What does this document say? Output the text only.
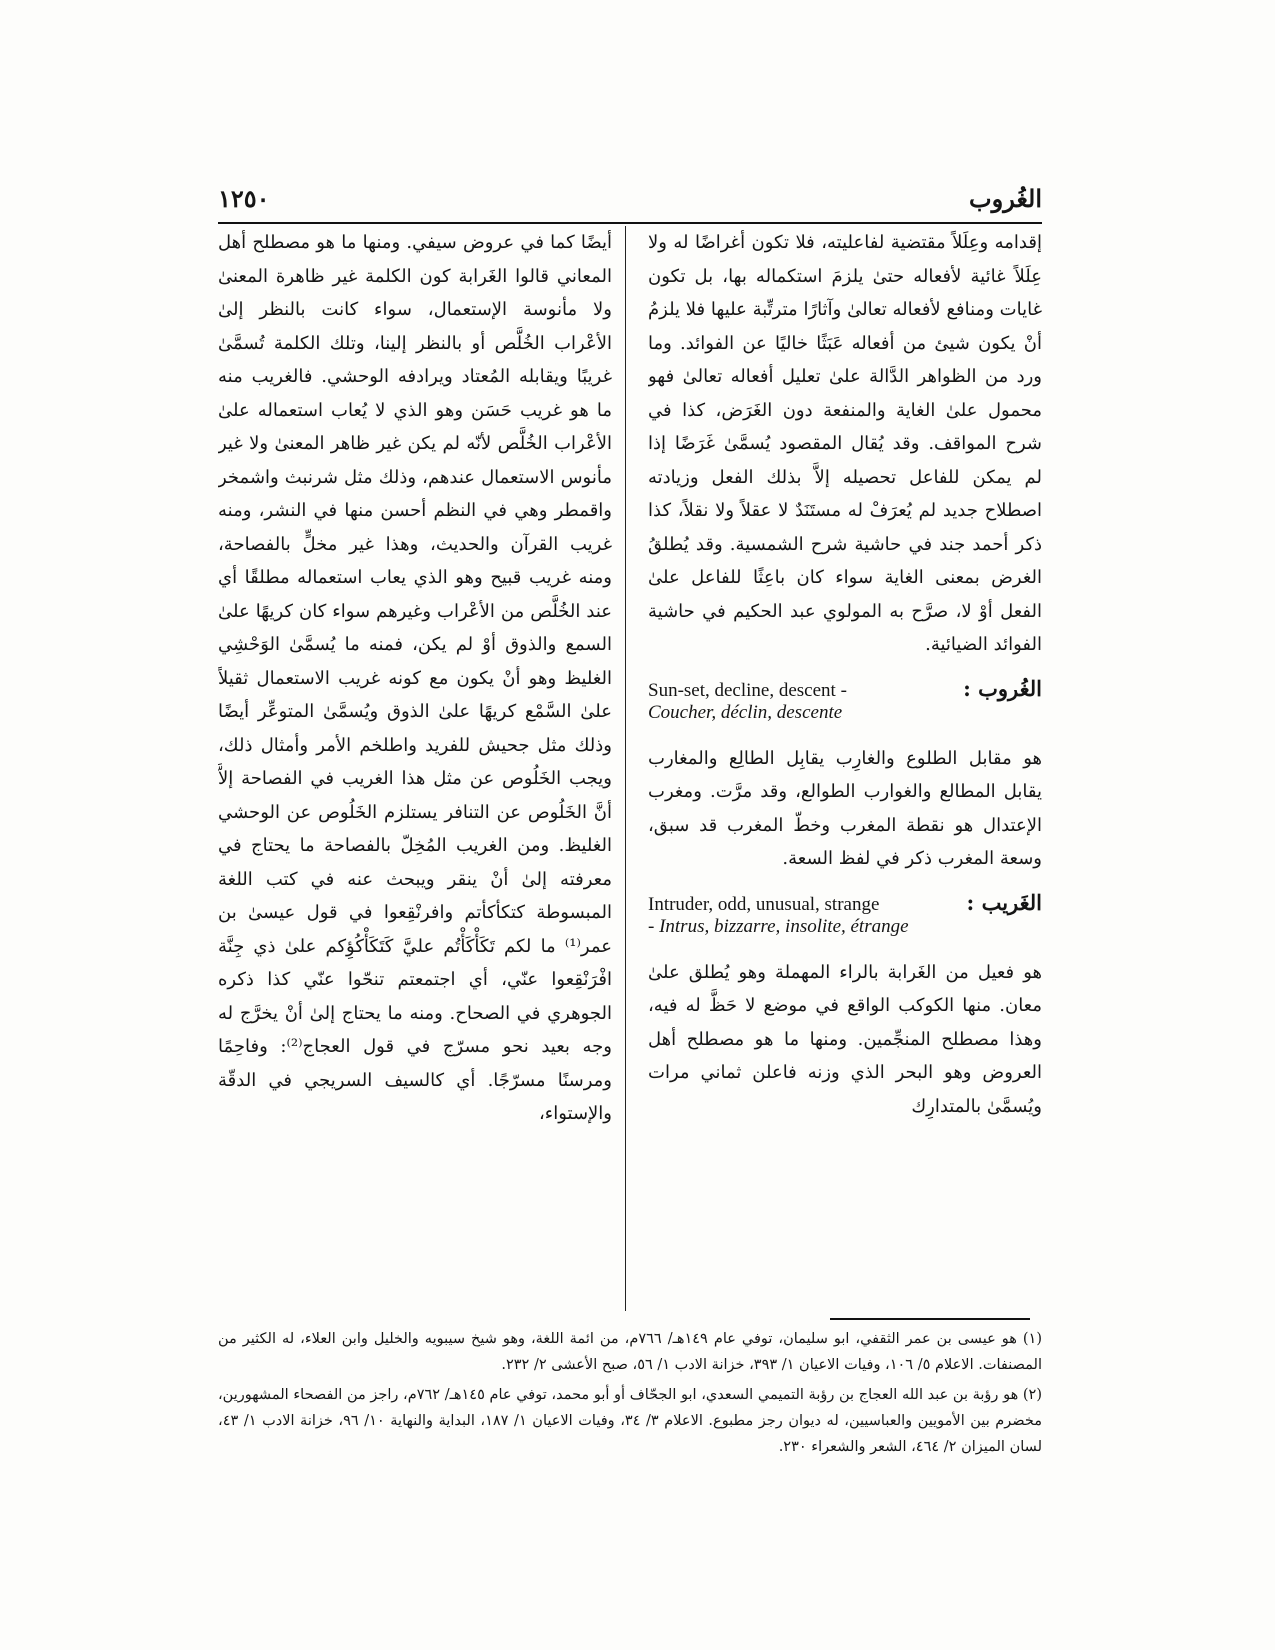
الغُروب
١٢٥٠

إقدامه وعِلَلاً مقتضية لفاعليته، فلا تكون أغراضًا له ولا عِلَلاً غائية لأفعاله حتىٰ يلزمَ استكماله بها، بل تكون غايات ومنافع لأفعاله تعالىٰ وآثارًا مترتِّبة عليها فلا يلزمُ أنْ يكون شيئ من أفعاله عَبَثًا خاليًا عن الفوائد. وما ورد من الظواهر الدَّالة علىٰ تعليل أفعاله تعالىٰ فهو محمول علىٰ الغاية والمنفعة دون الغَرَض، كذا في شرح المواقف. وقد يُقال المقصود يُسمَّىٰ غَرَضًا إذا لم يمكن للفاعل تحصيله إلاَّ بذلك الفعل وزيادته اصطلاح جديد لم يُعرَفْ له مستَنَدٌ لا عقلاً ولا نقلاً، كذا ذكر أحمد جند في حاشية شرح الشمسية. وقد يُطلقُ الغرض بمعنى الغاية سواء كان باعِثًا للفاعل علىٰ الفعل أوْ لا، صرَّح به المولوي عبد الحكيم في حاشية الفوائد الضيائية.

الغُروب :
Sun-set, decline, descent -
Coucher, déclin, descente

هو مقابل الطلوع والغارِب يقابِل الطالِع والمغارب يقابل المطالع والغوارب الطوالع، وقد مرَّت. ومغرب الإعتدال هو نقطة المغرب وخطّ المغرب قد سبق، وسعة المغرب ذكر في لفظ السعة.

الغَريب :
Intruder, odd, unusual, strange
- Intrus, bizzarre, insolite, étrange

هو فعيل من الغَرابة بالراء المهملة وهو يُطلق علىٰ معان. منها الكوكب الواقع في موضع لا حَظَّ له فيه، وهذا مصطلح المنجِّمين. ومنها ما هو مصطلح أهل العروض وهو البحر الذي وزنه فاعلن ثماني مرات ويُسمَّىٰ بالمتدارِك

أيضًا كما في عروض سيفي. ومنها ما هو مصطلح أهل المعاني قالوا الغَرابة كون الكلمة غير ظاهرة المعنىٰ ولا مأنوسة الإستعمال، سواء كانت بالنظر إلىٰ الأعْراب الخُلَّص أو بالنظر إلينا، وتلك الكلمة تُسمَّىٰ غريبًا ويقابله المُعتاد ويرادفه الوحشي. فالغريب منه ما هو غريب حَسَن وهو الذي لا يُعاب استعماله علىٰ الأعْراب الخُلَّص لأنّه لم يكن غير ظاهر المعنىٰ ولا غير مأنوس الاستعمال عندهم، وذلك مثل شرنبث واشمخر واقمطر وهي في النظم أحسن منها في النشر، ومنه غريب القرآن والحديث، وهذا غير مخلٍّ بالفصاحة، ومنه غريب قبيح وهو الذي يعاب استعماله مطلقًا أي عند الخُلَّص من الأعْراب وغيرهم سواء كان كريهًا علىٰ السمع والذوق أوْ لم يكن، فمنه ما يُسمَّىٰ الوَحْشِي الغليظ وهو أنْ يكون مع كونه غريب الاستعمال ثقيلاً علىٰ السَّمْع كريهًا علىٰ الذوق ويُسمَّىٰ المتوعِّر أيضًا وذلك مثل جحيش للفريد واطلخم الأمر وأمثال ذلك، ويجب الخَلُوص عن مثل هذا الغريب في الفصاحة إلاَّ أنَّ الخَلُوص عن التنافر يستلزم الخَلُوص عن الوحشي الغليظ. ومن الغريب المُخِلّ بالفصاحة ما يحتاج في معرفته إلىٰ أنْ ينقر ويبحث عنه في كتب اللغة المبسوطة كتكأكأتم وافرنْقِعوا في قول عيسىٰ بن عمر⁽¹⁾ ما لكم تَكَأْكَأْتُم عليَّ كَتَكَأْكُؤِكم علىٰ ذي جِنَّة افْرَنْقِعوا عنّي، أي اجتمعتم تنحّوا عنّي كذا ذكره الجوهري في الصحاح. ومنه ما يحتاج إلىٰ أنْ يخرَّج له وجه بعيد نحو مسرّج في قول العجاج⁽²⁾: وفاحِمًا ومرسنًا مسرّجًا. أي كالسيف السريجي في الدقّة والإستواء،

(١) هو عيسى بن عمر الثقفي، ابو سليمان، توفي عام ١٤٩هـ/ ٧٦٦م، من ائمة اللغة، وهو شيخ سيبويه والخليل وابن العلاء، له الكثير من المصنفات. الاعلام ٥/ ١٠٦، وفيات الاعيان ١/ ٣٩٣، خزانة الادب ١/ ٥٦، صبح الأعشى ٢/ ٢٣٢.

(٢) هو رؤبة بن عبد الله العجاج بن رؤبة التميمي السعدي، ابو الجحّاف أو أبو محمد، توفي عام ١٤٥هـ/ ٧٦٢م، راجز من الفصحاء المشهورين، مخضرم بين الأمويين والعباسيين، له ديوان رجز مطبوع. الاعلام ٣/ ٣٤، وفيات الاعيان ١/ ١٨٧، البداية والنهاية ١٠/ ٩٦، خزانة الادب ١/ ٤٣، لسان الميزان ٢/ ٤٦٤، الشعر والشعراء ٢٣٠.
